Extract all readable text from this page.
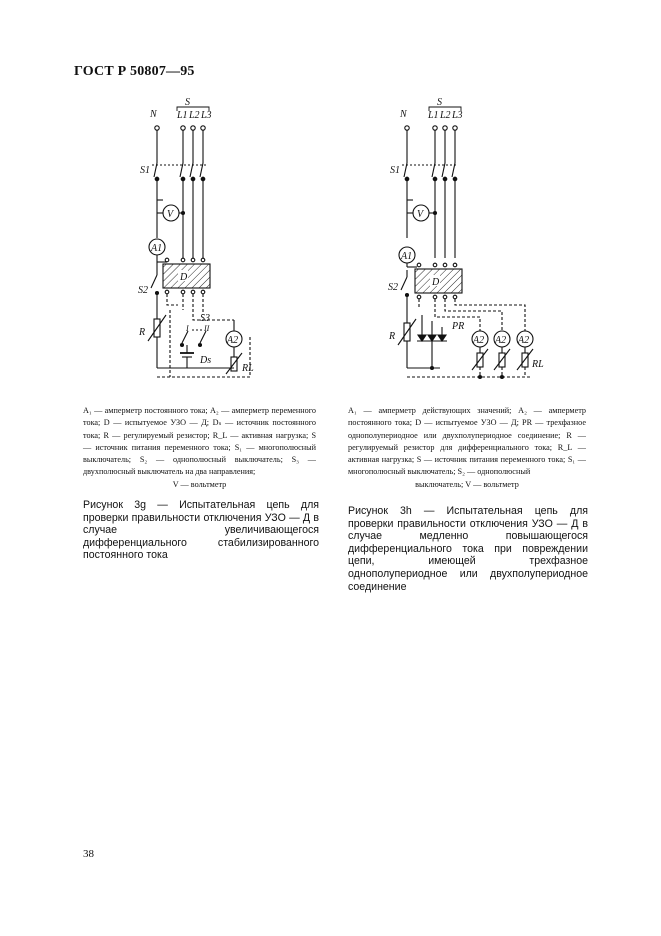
ГОСТ Р 50807—95
S
N L1 L2 L3
S1
V
A1
D
S2
R
S3
I II
Ds
A2
RL
A₁ — амперметр постоянного тока; A₂ — амперметр переменного тока; D — испытуемое УЗО — Д; Dₛ — источник постоянного тока; R — регулируемый резистор; R_L — активная нагрузка; S — источник питания переменного тока; S₁ — многополюсный выключатель; S₂ — однополюсный выключатель; S₃ — двухполюсный выключатель на два направления;
V — вольтметр
Рисунок 3g — Испытательная цепь для проверки правильности отключения УЗО — Д в случае увеличивающегося дифференциального стабилизированного постоянного тока
S
N L1 L2 L3
S1
V
A1
D
S2
R
PR
A2 A2 A2
RL
A₁ — амперметр действующих значений; A₂ — амперметр постоянного тока; D — испытуемое УЗО — Д; PR — трехфазное однополупериодное или двухполупериодное соединение; R — регулируемый резистор для дифференциального тока; R_L — активная нагрузка; S — источник питания переменного тока; S₁ — многополюсный выключатель; S₂ — однополюсный
выключатель; V — вольтметр
Рисунок 3h — Испытательная цепь для проверки правильности отключения УЗО — Д в случае медленно повышающегося дифференциального тока при повреждении цепи, имеющей трехфазное однополупериодное или двухполупериодное соединение
38
